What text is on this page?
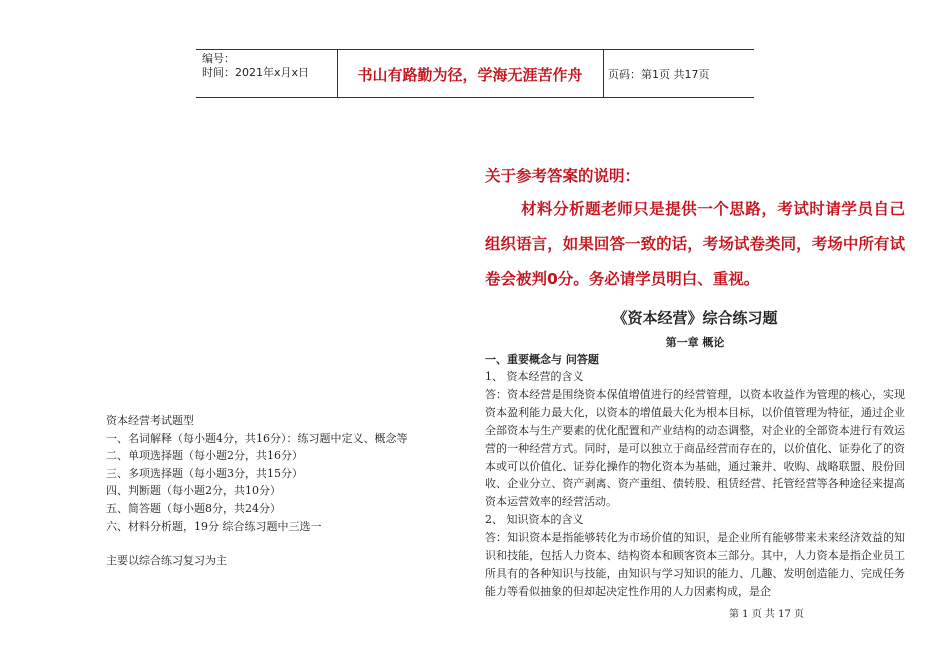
编号：
时间：2021年x月x日	书山有路勤为径，学海无涯苦作舟	页码：第1页 共17页
资本经营考试题型
一、名词解释（每小题4分，共16分）：练习题中定义、概念等
二、单项选择题（每小题2分，共16分）
三、多项选择题（每小题3分，共15分）
四、判断题（每小题2分，共10分）
五、简答题（每小题8分，共24分）
六、材料分析题，19分 综合练习题中三选一
主要以综合练习复习为主
关于参考答案的说明：
材料分析题老师只是提供一个思路，考试时请学员自己组织语言，如果回答一致的话，考场试卷类同，考场中所有试卷会被判0分。务必请学员明白、重视。
《资本经营》综合练习题
第一章 概论
一、重要概念与 问答题
1、 资本经营的含义
答：资本经营是围绕资本保值增值进行的经营管理，以资本收益作为管理的核心，实现资本盈利能力最大化，以资本的增值最大化为根本目标，以价值管理为特征，通过企业全部资本与生产要素的优化配置和产业结构的动态调整，对企业的全部资本进行有效运营的一种经营方式。同时，是可以独立于商品经营而存在的，以价值化、证券化了的资本或可以价值化、证券化操作的物化资本为基础，通过兼并、收购、战略联盟、股份回收、企业分立、资产剥离、资产重组、债转股、租赁经营、托管经营等各种途径来提高资本运营效率的经营活动。
2、 知识资本的含义
答：知识资本是指能够转化为市场价值的知识，是企业所有能够带来未来经济效益的知识和技能，包括人力资本、结构资本和顾客资本三部分。其中，人力资本是指企业员工所具有的各种知识与技能，由知识与学习知识的能力、几趣、发明创造能力、完成任务能力等看似抽象的但却起决定性作用的人力因素构成，是企
第 1 页 共 17 页
